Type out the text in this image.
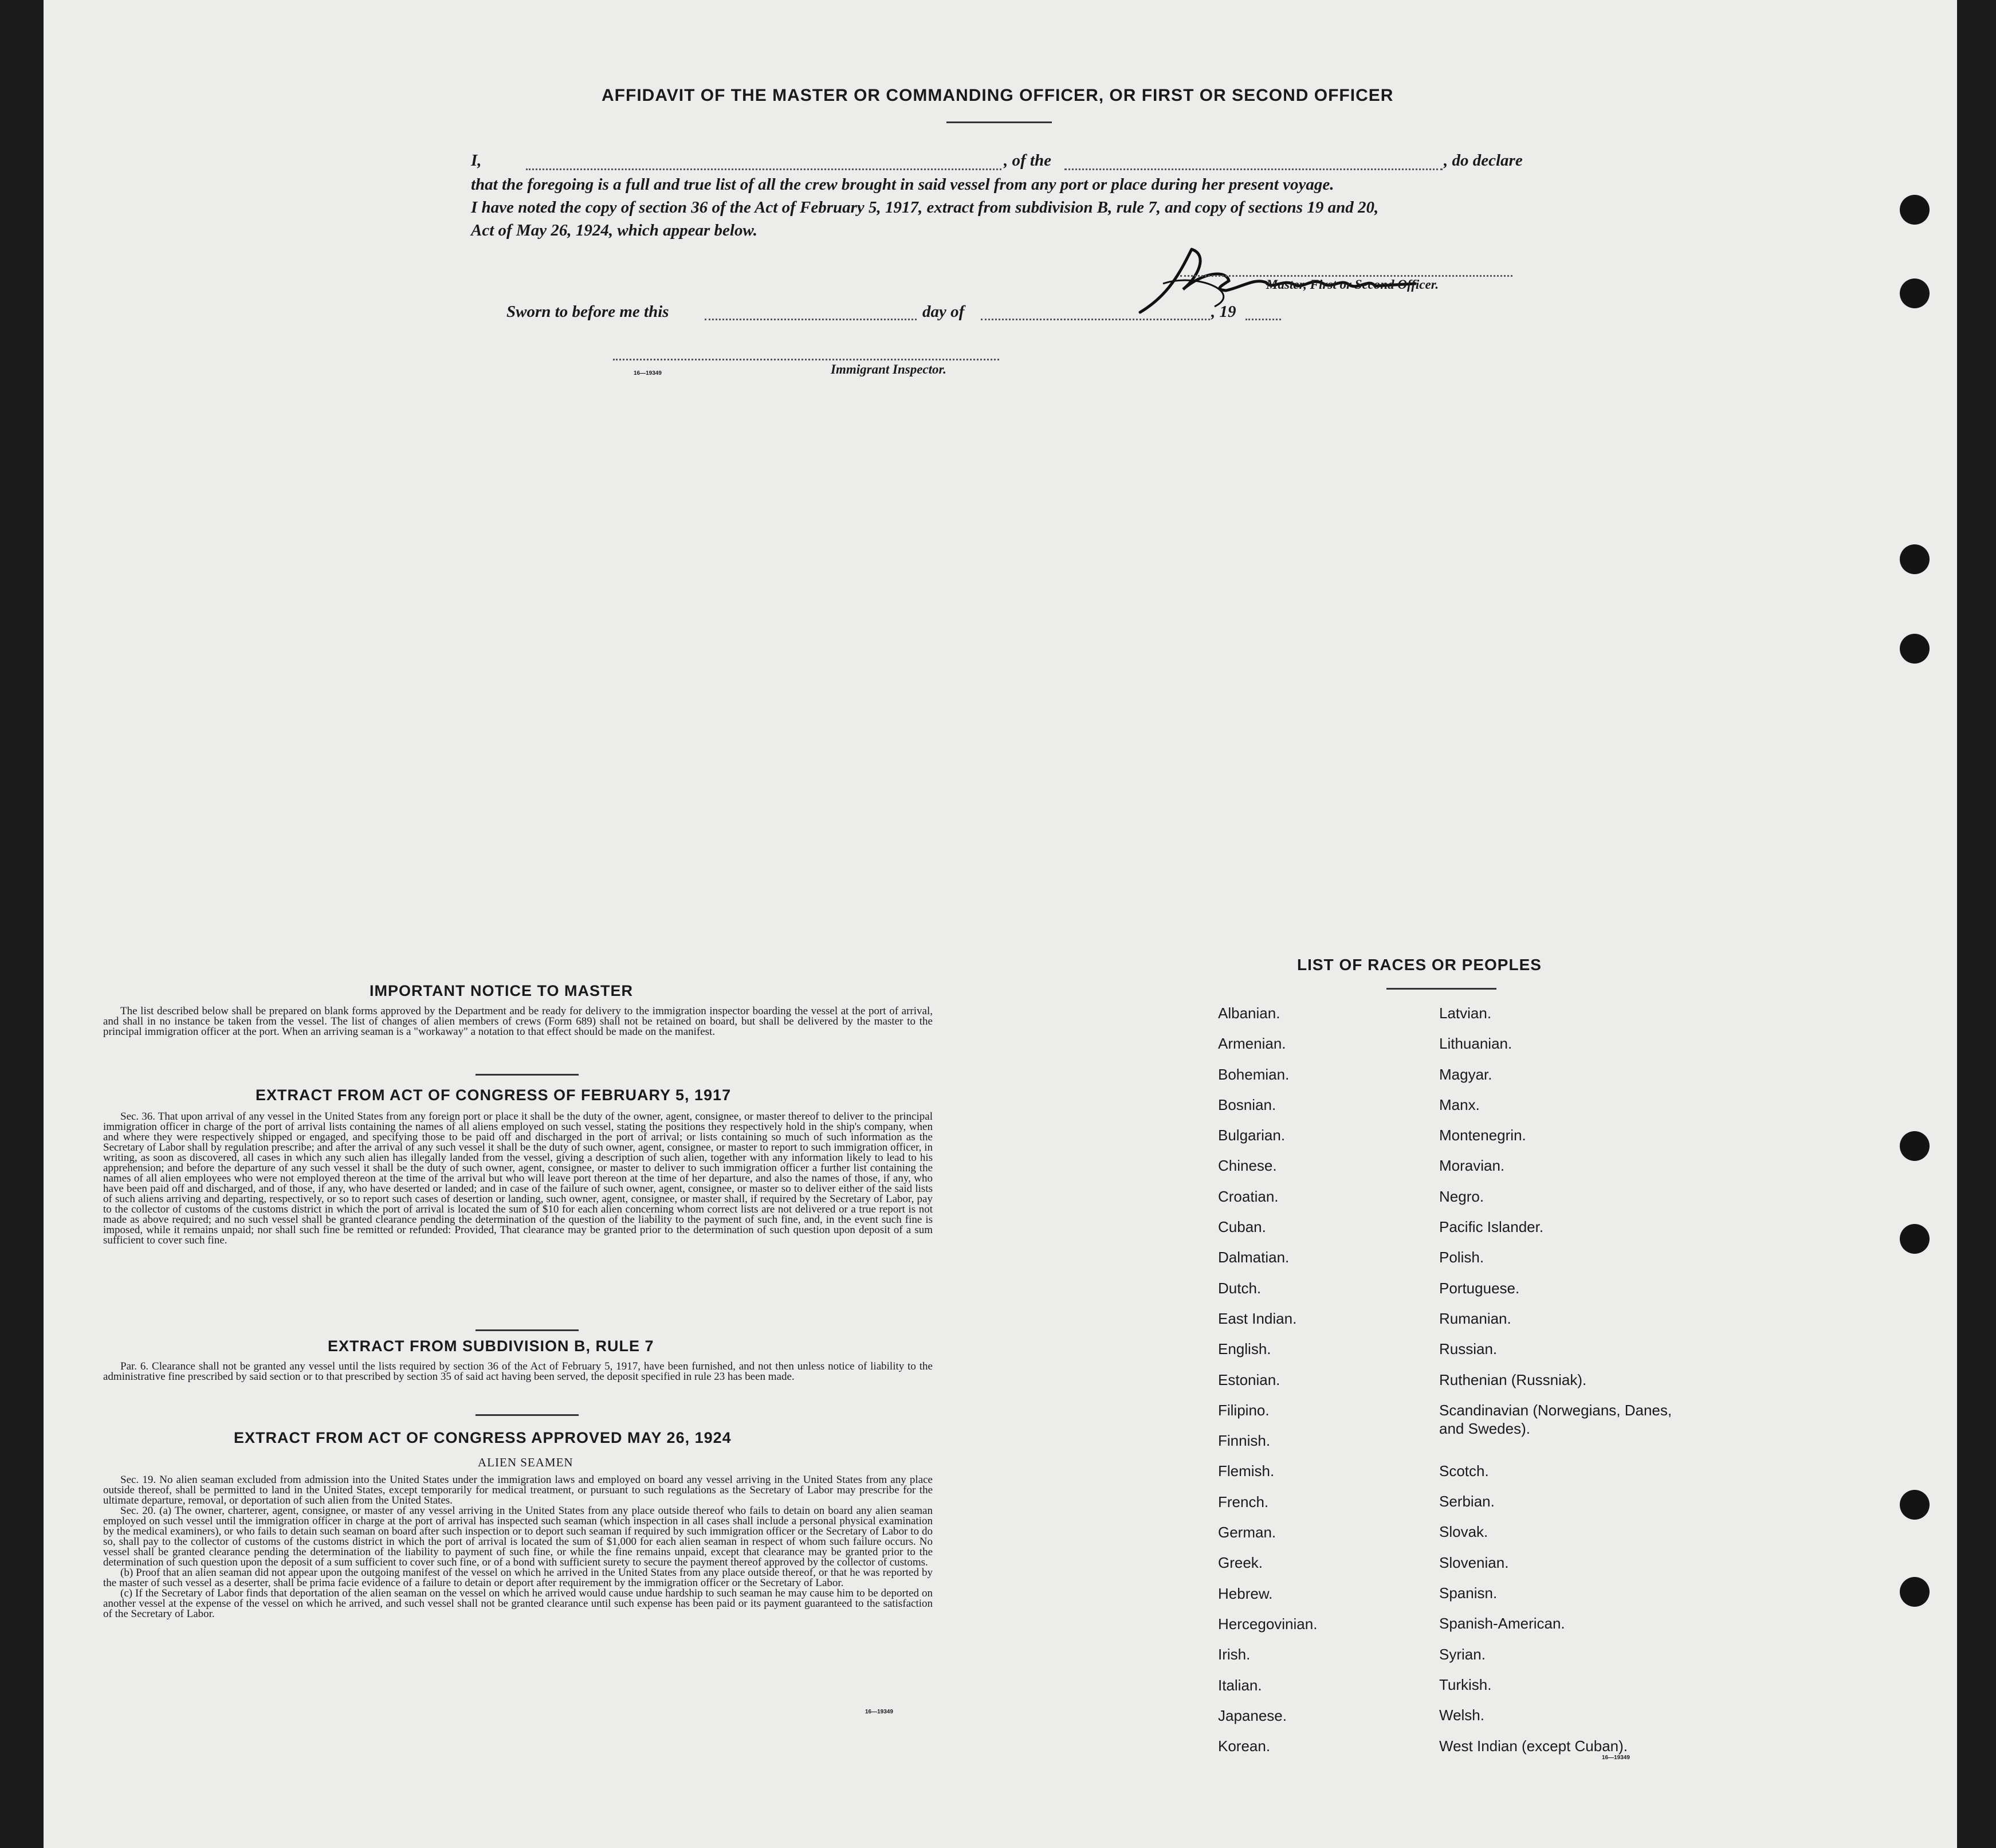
AFFIDAVIT OF THE MASTER OR COMMANDING OFFICER, OR FIRST OR SECOND OFFICER
I,	, of the	, do declare
that the foregoing is a full and true list of all the crew brought in said vessel from any port or place during her present voyage.
I have noted the copy of section 36 of the Act of February 5, 1917, extract from subdivision B, rule 7, and copy of sections 19 and 20,
Act of May 26, 1924, which appear below.
Master, First or Second Officer.
Sworn to before me this	day of	, 19
16—19349	Immigrant Inspector.
IMPORTANT NOTICE TO MASTER

The list described below shall be prepared on blank forms approved by the Department and be ready for delivery to the immigration inspector boarding the vessel at the port of arrival, and shall in no instance be taken from the vessel. The list of changes of alien members of crews (Form 689) shall not be retained on board, but shall be delivered by the master to the principal immigration officer at the port. When an arriving seaman is a "workaway" a notation to that effect should be made on the manifest.

EXTRACT FROM ACT OF CONGRESS OF FEBRUARY 5, 1917

Sec. 36. That upon arrival of any vessel in the United States from any foreign port or place it shall be the duty of the owner, agent, consignee, or master thereof to deliver to the principal immigration officer in charge of the port of arrival lists containing the names of all aliens employed on such vessel, stating the positions they respectively hold in the ship's company, when and where they were respectively shipped or engaged, and specifying those to be paid off and discharged in the port of arrival; or lists containing so much of such information as the Secretary of Labor shall by regulation prescribe; and after the arrival of any such vessel it shall be the duty of such owner, agent, consignee, or master to report to such immigration officer, in writing, as soon as discovered, all cases in which any such alien has illegally landed from the vessel, giving a description of such alien, together with any information likely to lead to his apprehension; and before the departure of any such vessel it shall be the duty of such owner, agent, consignee, or master to deliver to such immigration officer a further list containing the names of all alien employees who were not employed thereon at the time of the arrival but who will leave port thereon at the time of her departure, and also the names of those, if any, who have been paid off and discharged, and of those, if any, who have deserted or landed; and in case of the failure of such owner, agent, consignee, or master so to deliver either of the said lists of such aliens arriving and departing, respectively, or so to report such cases of desertion or landing, such owner, agent, consignee, or master shall, if required by the Secretary of Labor, pay to the collector of customs of the customs district in which the port of arrival is located the sum of $10 for each alien concerning whom correct lists are not delivered or a true report is not made as above required; and no such vessel shall be granted clearance pending the determination of the question of the liability to the payment of such fine, and, in the event such fine is imposed, while it remains unpaid; nor shall such fine be remitted or refunded: Provided, That clearance may be granted prior to the determination of such question upon deposit of a sum sufficient to cover such fine.

EXTRACT FROM SUBDIVISION B, RULE 7

Par. 6. Clearance shall not be granted any vessel until the lists required by section 36 of the Act of February 5, 1917, have been furnished, and not then unless notice of liability to the administrative fine prescribed by said section or to that prescribed by section 35 of said act having been served, the deposit specified in rule 23 has been made.

EXTRACT FROM ACT OF CONGRESS APPROVED MAY 26, 1924
ALIEN SEAMEN

Sec. 19. No alien seaman excluded from admission into the United States under the immigration laws and employed on board any vessel arriving in the United States from any place outside thereof, shall be permitted to land in the United States, except temporarily for medical treatment, or pursuant to such regulations as the Secretary of Labor may prescribe for the ultimate departure, removal, or deportation of such alien from the United States.

Sec. 20. (a) The owner, charterer, agent, consignee, or master of any vessel arriving in the United States from any place outside thereof who fails to detain on board any alien seaman employed on such vessel until the immigration officer in charge at the port of arrival has inspected such seaman (which inspection in all cases shall include a personal physical examination by the medical examiners), or who fails to detain such seaman on board after such inspection or to deport such seaman if required by such immigration officer or the Secretary of Labor to do so, shall pay to the collector of customs of the customs district in which the port of arrival is located the sum of $1,000 for each alien seaman in respect of whom such failure occurs. No vessel shall be granted clearance pending the determination of the liability to payment of such fine, or while the fine remains unpaid, except that clearance may be granted prior to the determination of such question upon the deposit of a sum sufficient to cover such fine, or of a bond with sufficient surety to secure the payment thereof approved by the collector of customs.

(b) Proof that an alien seaman did not appear upon the outgoing manifest of the vessel on which he arrived in the United States from any place outside thereof, or that he was reported by the master of such vessel as a deserter, shall be prima facie evidence of a failure to detain or deport after requirement by the immigration officer or the Secretary of Labor.

(c) If the Secretary of Labor finds that deportation of the alien seaman on the vessel on which he arrived would cause undue hardship to such seaman he may cause him to be deported on another vessel at the expense of the vessel on which he arrived, and such vessel shall not be granted clearance until such expense has been paid or its payment guaranteed to the satisfaction of the Secretary of Labor.

16—19349
LIST OF RACES OR PEOPLES
Albanian.
Armenian.
Bohemian.
Bosnian.
Bulgarian.
Chinese.
Croatian.
Cuban.
Dalmatian.
Dutch.
East Indian.
English.
Estonian.
Filipino.
Finnish.
Flemish.
French.
German.
Greek.
Hebrew.
Hercegovinian.
Irish.
Italian.
Japanese.
Korean.
Latvian.
Lithuanian.
Magyar.
Manx.
Montenegrin.
Moravian.
Negro.
Pacific Islander.
Polish.
Portuguese.
Rumanian.
Russian.
Ruthenian (Russniak).
Scandinavian (Norwegians, Danes, and Swedes).
Scotch.
Serbian.
Slovak.
Slovenian.
Spanisn.
Spanish-American.
Syrian.
Turkish.
Welsh.
West Indian (except Cuban).
16—19349
